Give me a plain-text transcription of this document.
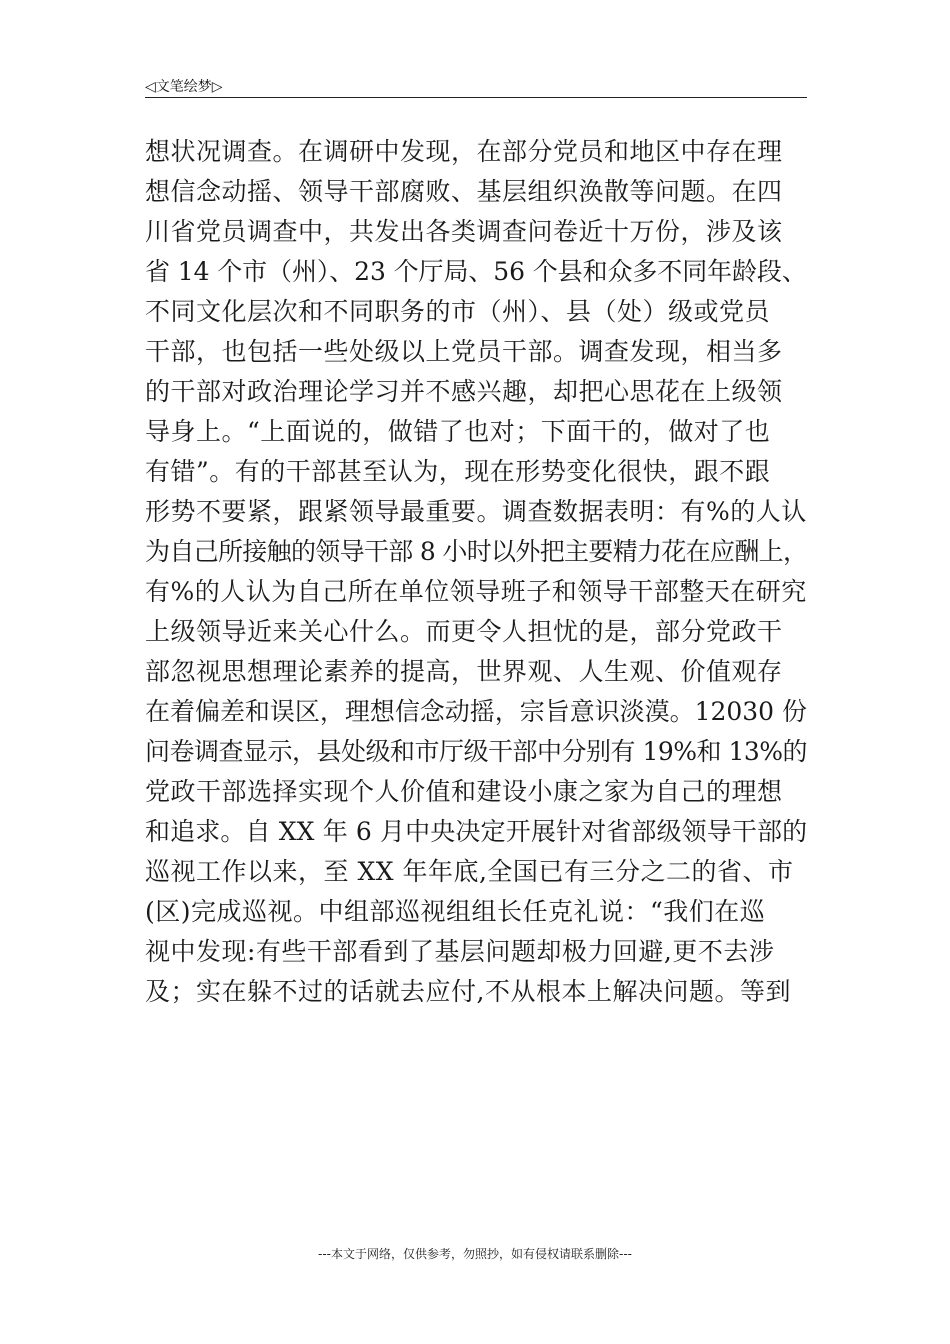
◁文笔绘梦▷
想状况调查。在调研中发现，在部分党员和地区中存在理
想信念动摇、领导干部腐败、基层组织涣散等问题。在四
川省党员调查中，共发出各类调查问卷近十万份，涉及该
省 14 个市（州）、23 个厅局、56 个县和众多不同年龄段、
不同文化层次和不同职务的市（州）、县（处）级或党员
干部，也包括一些处级以上党员干部。调查发现，相当多
的干部对政治理论学习并不感兴趣，却把心思花在上级领
导身上。“上面说的，做错了也对；下面干的，做对了也
有错”。有的干部甚至认为，现在形势变化很快，跟不跟
形势不要紧，跟紧领导最重要。调查数据表明：有%的人认
为自己所接触的领导干部 8 小时以外把主要精力花在应酬上，
有%的人认为自己所在单位领导班子和领导干部整天在研究
上级领导近来关心什么。而更令人担忧的是，部分党政干
部忽视思想理论素养的提高，世界观、人生观、价值观存
在着偏差和误区，理想信念动摇，宗旨意识淡漠。12030 份
问卷调查显示，县处级和市厅级干部中分别有 19%和 13%的
党政干部选择实现个人价值和建设小康之家为自己的理想
和追求。自 XX 年 6 月中央决定开展针对省部级领导干部的
巡视工作以来，至 XX 年年底,全国已有三分之二的省、市
(区)完成巡视。中组部巡视组组长任克礼说：“我们在巡
视中发现:有些干部看到了基层问题却极力回避,更不去涉
及；实在躲不过的话就去应付,不从根本上解决问题。等到
---本文于网络，仅供参考，勿照抄，如有侵权请联系删除---
